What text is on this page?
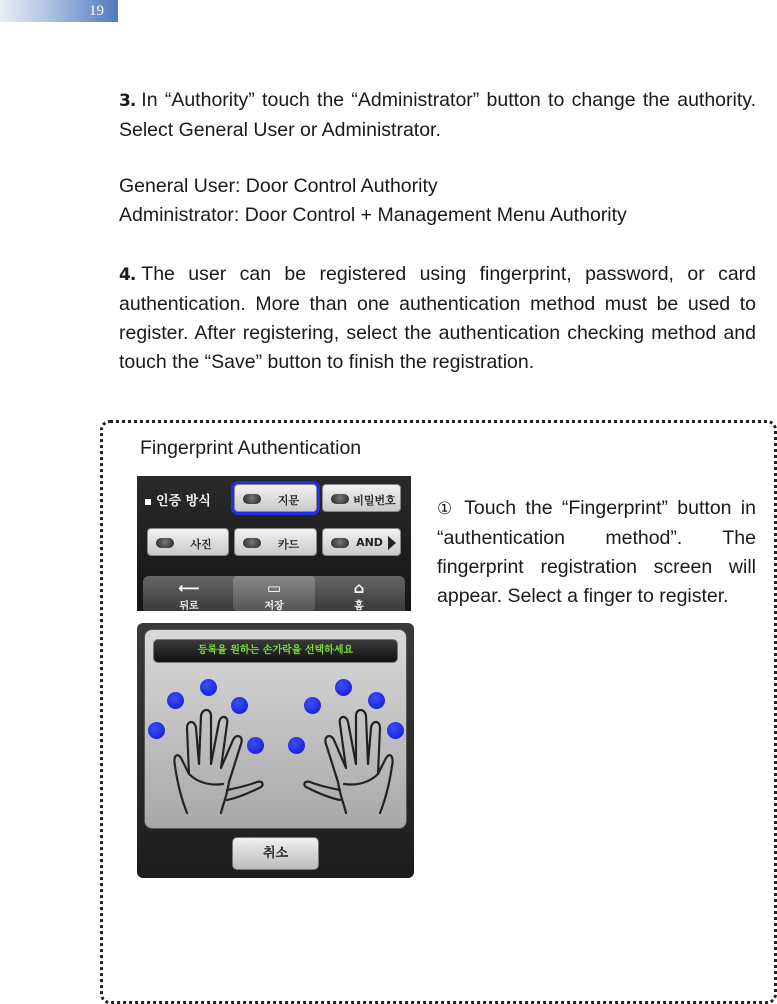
19

3. In “Authority” touch the “Administrator” button to change the authority. Select General User or Administrator.

General User: Door Control Authority
Administrator: Door Control + Management Menu Authority

4. The user can be registered using fingerprint, password, or card authentication. More than one authentication method must be used to register. After registering, select the authentication checking method and touch the “Save” button to finish the registration.

Fingerprint Authentication
인증 방식	지문	비밀번호
사진	카드	AND
⟵
뒤로
▭
저장
⌂
홈
등록을 원하는 손가락을 선택하세요
취소

① Touch the “Fingerprint” button in “authentication method”. The fingerprint registration screen will appear. Select a finger to register.
